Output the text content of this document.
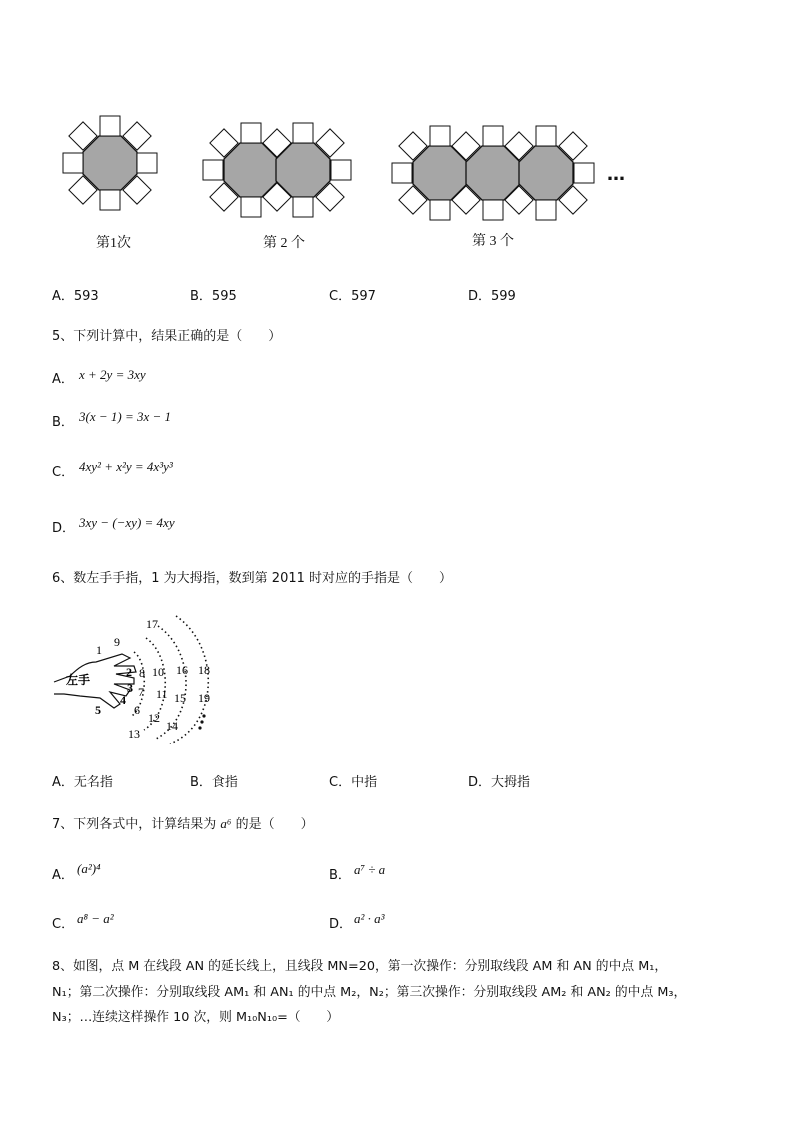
…
第1次	第 2 个	第 3 个
A．593	B．595	C．597	D．599
5、下列计算中，结果正确的是（　　）
A． x + 2y = 3xy
B． 3(x − 1) = 3x − 1
C． 4xy² + x²y = 4x³y³
D． 3xy − (−xy) = 4xy
6、数左手手指，1 为大拇指，数到第 2011 时对应的手指是（　　）
左手
1
2
3
4
5	6
7
8
9
10
11
12
13
14
15
16
17
18
19
A．无名指	B．食指	C．中指	D．大拇指
7、下列各式中，计算结果为 a⁶ 的是（　　）
A． (a²)⁴	B． a⁷ ÷ a
C． a⁸ − a²	D． a² · a³
8、如图，点 M 在线段 AN 的延长线上，且线段 MN=20，第一次操作：分别取线段 AM 和 AN 的中点 M₁，
N₁；第二次操作：分别取线段 AM₁ 和 AN₁ 的中点 M₂，N₂；第三次操作：分别取线段 AM₂ 和 AN₂ 的中点 M₃，
N₃；…连续这样操作 10 次，则 M₁₀N₁₀=（　　）
